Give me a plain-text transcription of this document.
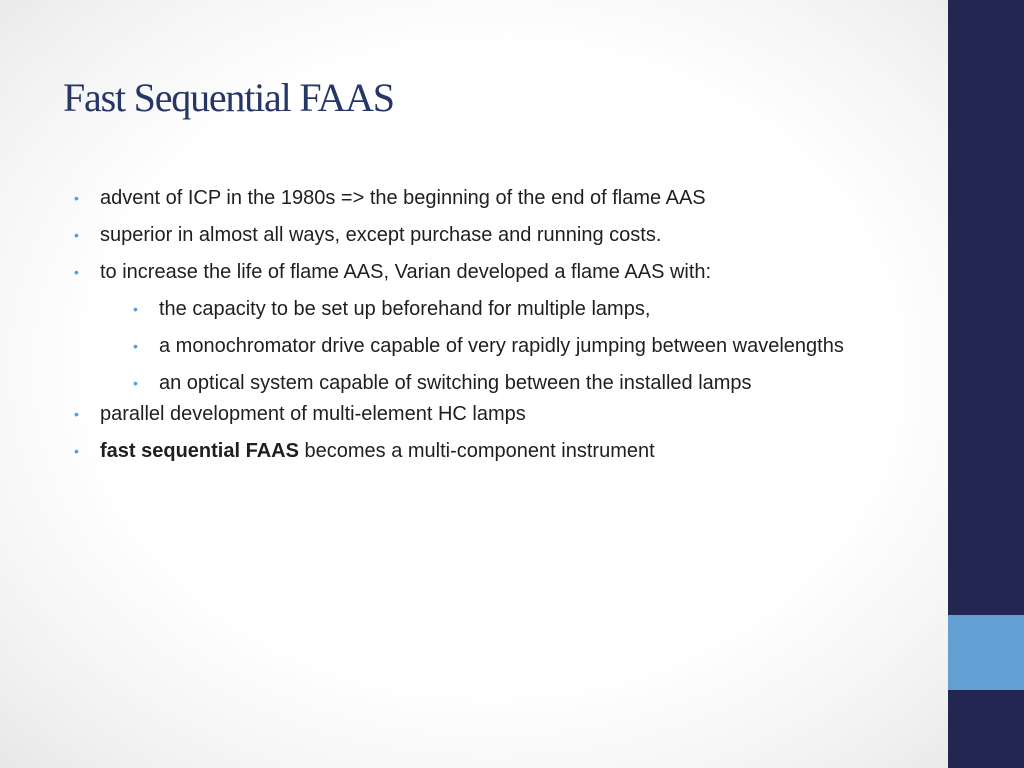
Fast Sequential FAAS
• advent of ICP in the 1980s => the beginning of the end of flame AAS
• superior in almost all ways, except purchase and running costs.
• to increase the life of flame AAS, Varian developed a flame AAS with:
• the capacity to be set up beforehand for multiple lamps,
• a monochromator drive capable of very rapidly jumping between wavelengths
• an optical system capable of switching between the installed lamps
• parallel development of multi-element HC lamps
• fast sequential FAAS becomes a multi-component instrument
